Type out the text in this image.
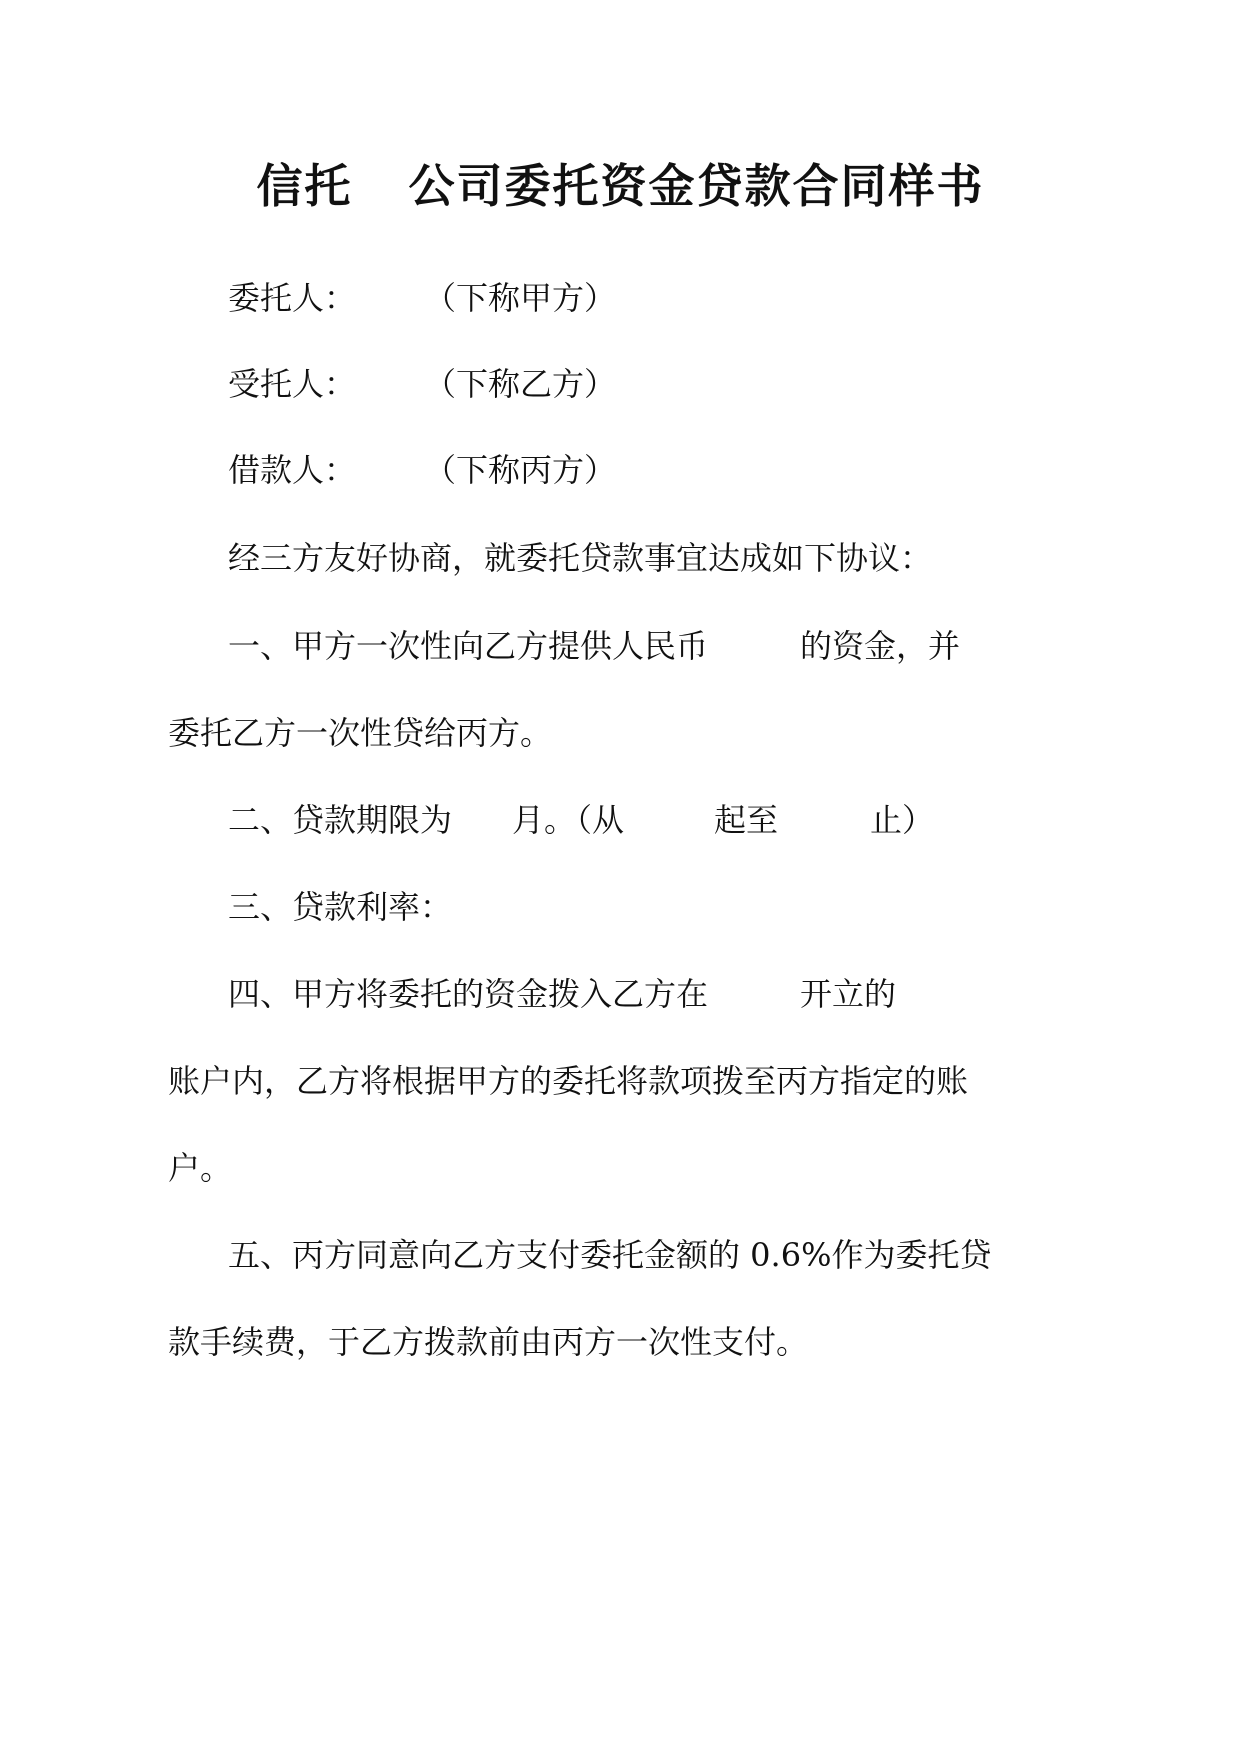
信托 公司委托资金贷款合同样书
委托人： （下称甲方）
受托人： （下称乙方）
借款人： （下称丙方）
经三方友好协商，就委托贷款事宜达成如下协议：
一、甲方一次性向乙方提供人民币	的资金，并
委托乙方一次性贷给丙方。
二、贷款期限为 月。（从	起至	止）
三、贷款利率：
四、甲方将委托的资金拨入乙方在	开立的
账户内，乙方将根据甲方的委托将款项拨至丙方指定的账
户。
五、丙方同意向乙方支付委托金额的 0.6%作为委托贷
款手续费，于乙方拨款前由丙方一次性支付。
